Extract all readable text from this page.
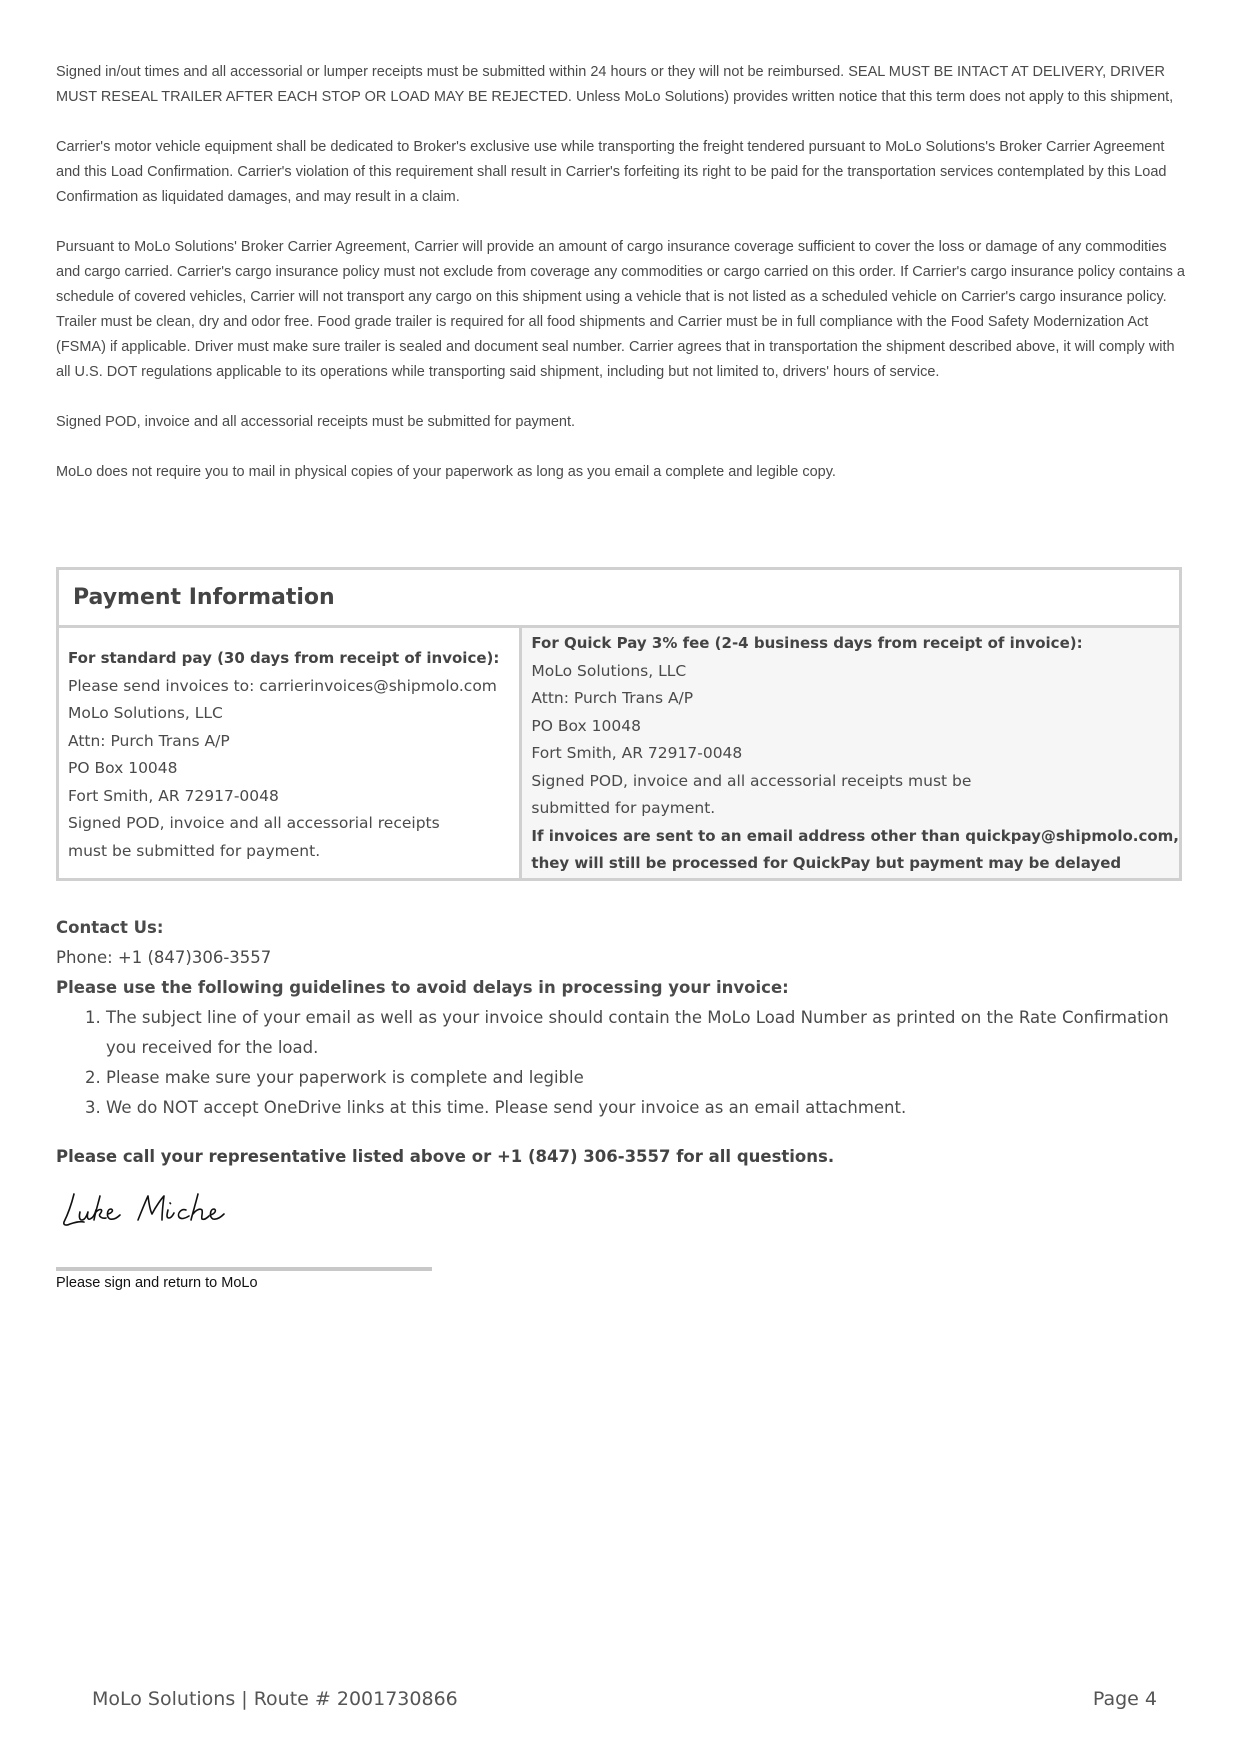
Signed in/out times and all accessorial or lumper receipts must be submitted within 24 hours or they will not be reimbursed. SEAL MUST BE INTACT AT DELIVERY, DRIVER MUST RESEAL TRAILER AFTER EACH STOP OR LOAD MAY BE REJECTED. Unless MoLo Solutions) provides written notice that this term does not apply to this shipment,

Carrier's motor vehicle equipment shall be dedicated to Broker's exclusive use while transporting the freight tendered pursuant to MoLo Solutions's Broker Carrier Agreement and this Load Confirmation. Carrier's violation of this requirement shall result in Carrier's forfeiting its right to be paid for the transportation services contemplated by this Load Confirmation as liquidated damages, and may result in a claim.

Pursuant to MoLo Solutions' Broker Carrier Agreement, Carrier will provide an amount of cargo insurance coverage sufficient to cover the loss or damage of any commodities and cargo carried. Carrier's cargo insurance policy must not exclude from coverage any commodities or cargo carried on this order. If Carrier's cargo insurance policy contains a schedule of covered vehicles, Carrier will not transport any cargo on this shipment using a vehicle that is not listed as a scheduled vehicle on Carrier's cargo insurance policy. Trailer must be clean, dry and odor free. Food grade trailer is required for all food shipments and Carrier must be in full compliance with the Food Safety Modernization Act (FSMA) if applicable. Driver must make sure trailer is sealed and document seal number. Carrier agrees that in transportation the shipment described above, it will comply with all U.S. DOT regulations applicable to its operations while transporting said shipment, including but not limited to, drivers' hours of service.

Signed POD, invoice and all accessorial receipts must be submitted for payment.

MoLo does not require you to mail in physical copies of your paperwork as long as you email a complete and legible copy.

Payment Information
For standard pay (30 days from receipt of invoice):
Please send invoices to: carrierinvoices@shipmolo.com
MoLo Solutions, LLC
Attn: Purch Trans A/P
PO Box 10048
Fort Smith, AR 72917-0048
Signed POD, invoice and all accessorial receipts
must be submitted for payment.
For Quick Pay 3% fee (2-4 business days from receipt of invoice):
MoLo Solutions, LLC
Attn: Purch Trans A/P
PO Box 10048
Fort Smith, AR 72917-0048
Signed POD, invoice and all accessorial receipts must be
submitted for payment.
If invoices are sent to an email address other than quickpay@shipmolo.com,
they will still be processed for QuickPay but payment may be delayed
Contact Us:
Phone: +1 (847)306-3557
Please use the following guidelines to avoid delays in processing your invoice:
1. The subject line of your email as well as your invoice should contain the MoLo Load Number as printed on the Rate Confirmation you received for the load.
2. Please make sure your paperwork is complete and legible
3. We do NOT accept OneDrive links at this time. Please send your invoice as an email attachment.
Please call your representative listed above or +1 (847) 306-3557 for all questions.
Please sign and return to MoLo
MoLo Solutions | Route # 2001730866	Page 4
